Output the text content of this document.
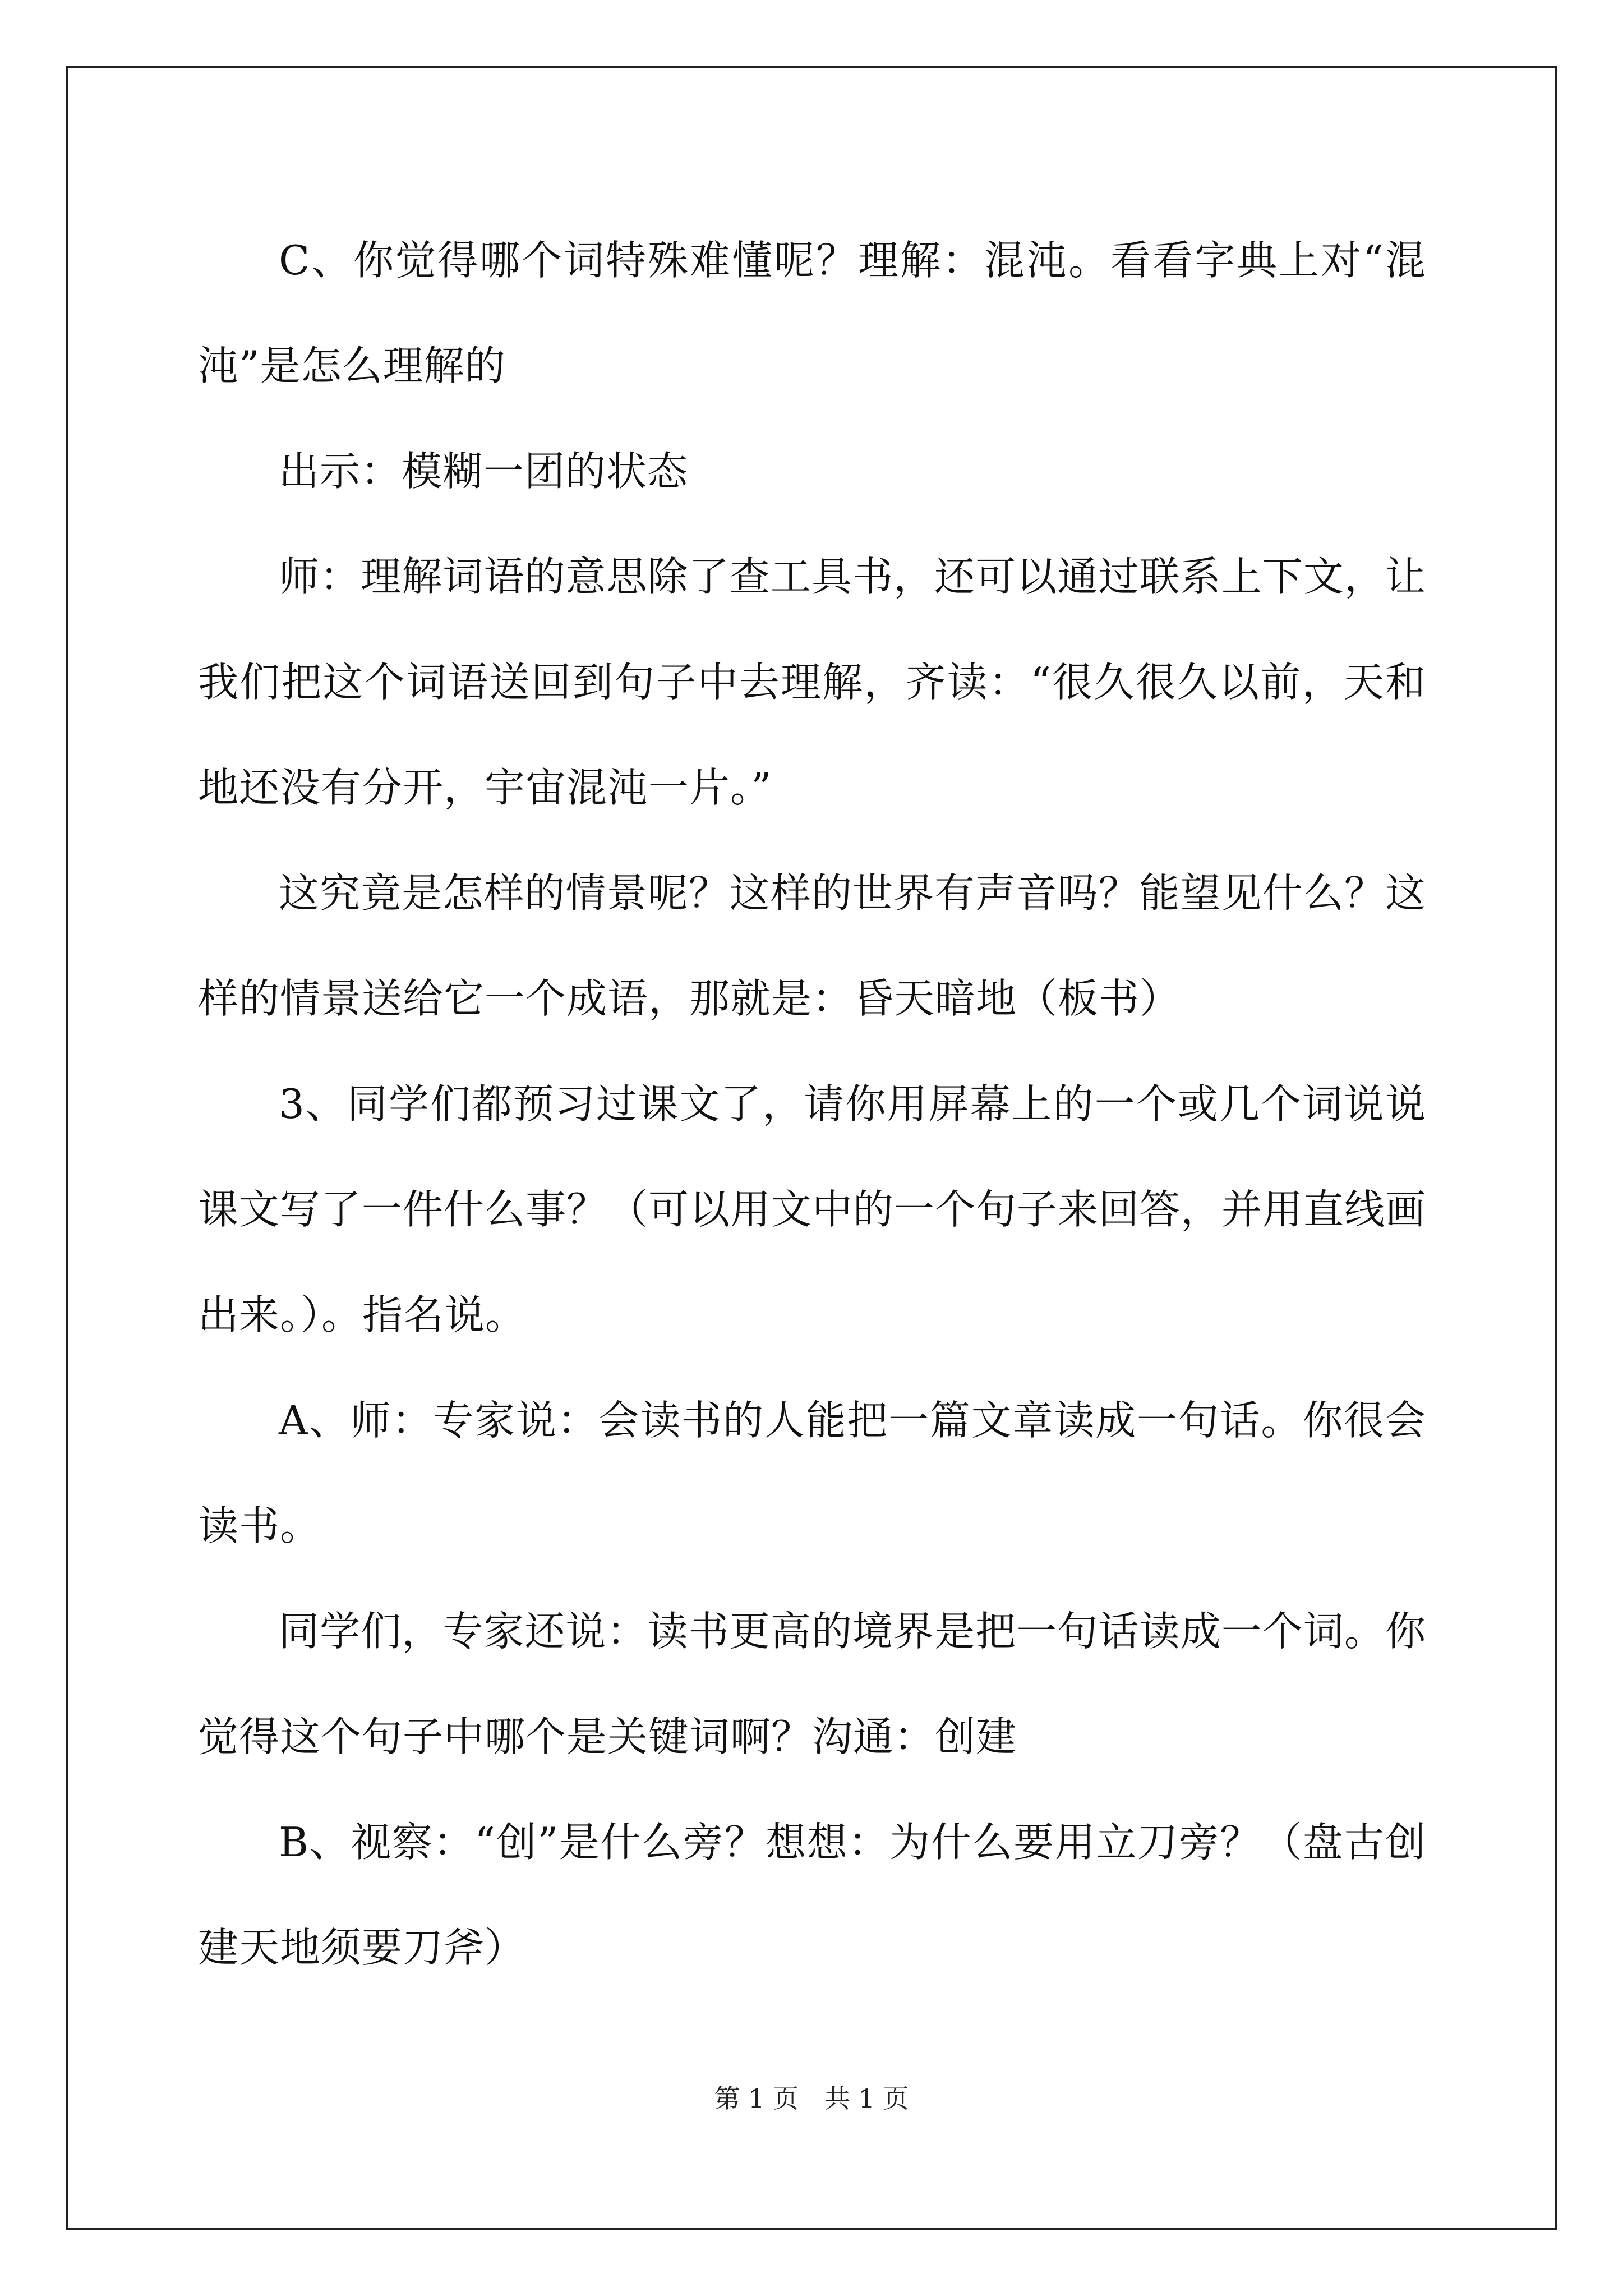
C、你觉得哪个词特殊难懂呢？理解：混沌。看看字典上对“混沌”是怎么理解的

出示：模糊一团的状态

师：理解词语的意思除了查工具书，还可以通过联系上下文，让我们把这个词语送回到句子中去理解，齐读：“很久很久以前，天和地还没有分开，宇宙混沌一片。”

这究竟是怎样的情景呢？这样的世界有声音吗？能望见什么？这样的情景送给它一个成语，那就是：昏天暗地（板书）

3、同学们都预习过课文了，请你用屏幕上的一个或几个词说说课文写了一件什么事？（可以用文中的一个句子来回答，并用直线画出来。）。指名说。

A、师：专家说：会读书的人能把一篇文章读成一句话。你很会读书。

同学们，专家还说：读书更高的境界是把一句话读成一个词。你觉得这个句子中哪个是关键词啊？沟通：创建

B、视察：“创”是什么旁？想想：为什么要用立刀旁？（盘古创建天地须要刀斧）

第 1 页　共 1 页
